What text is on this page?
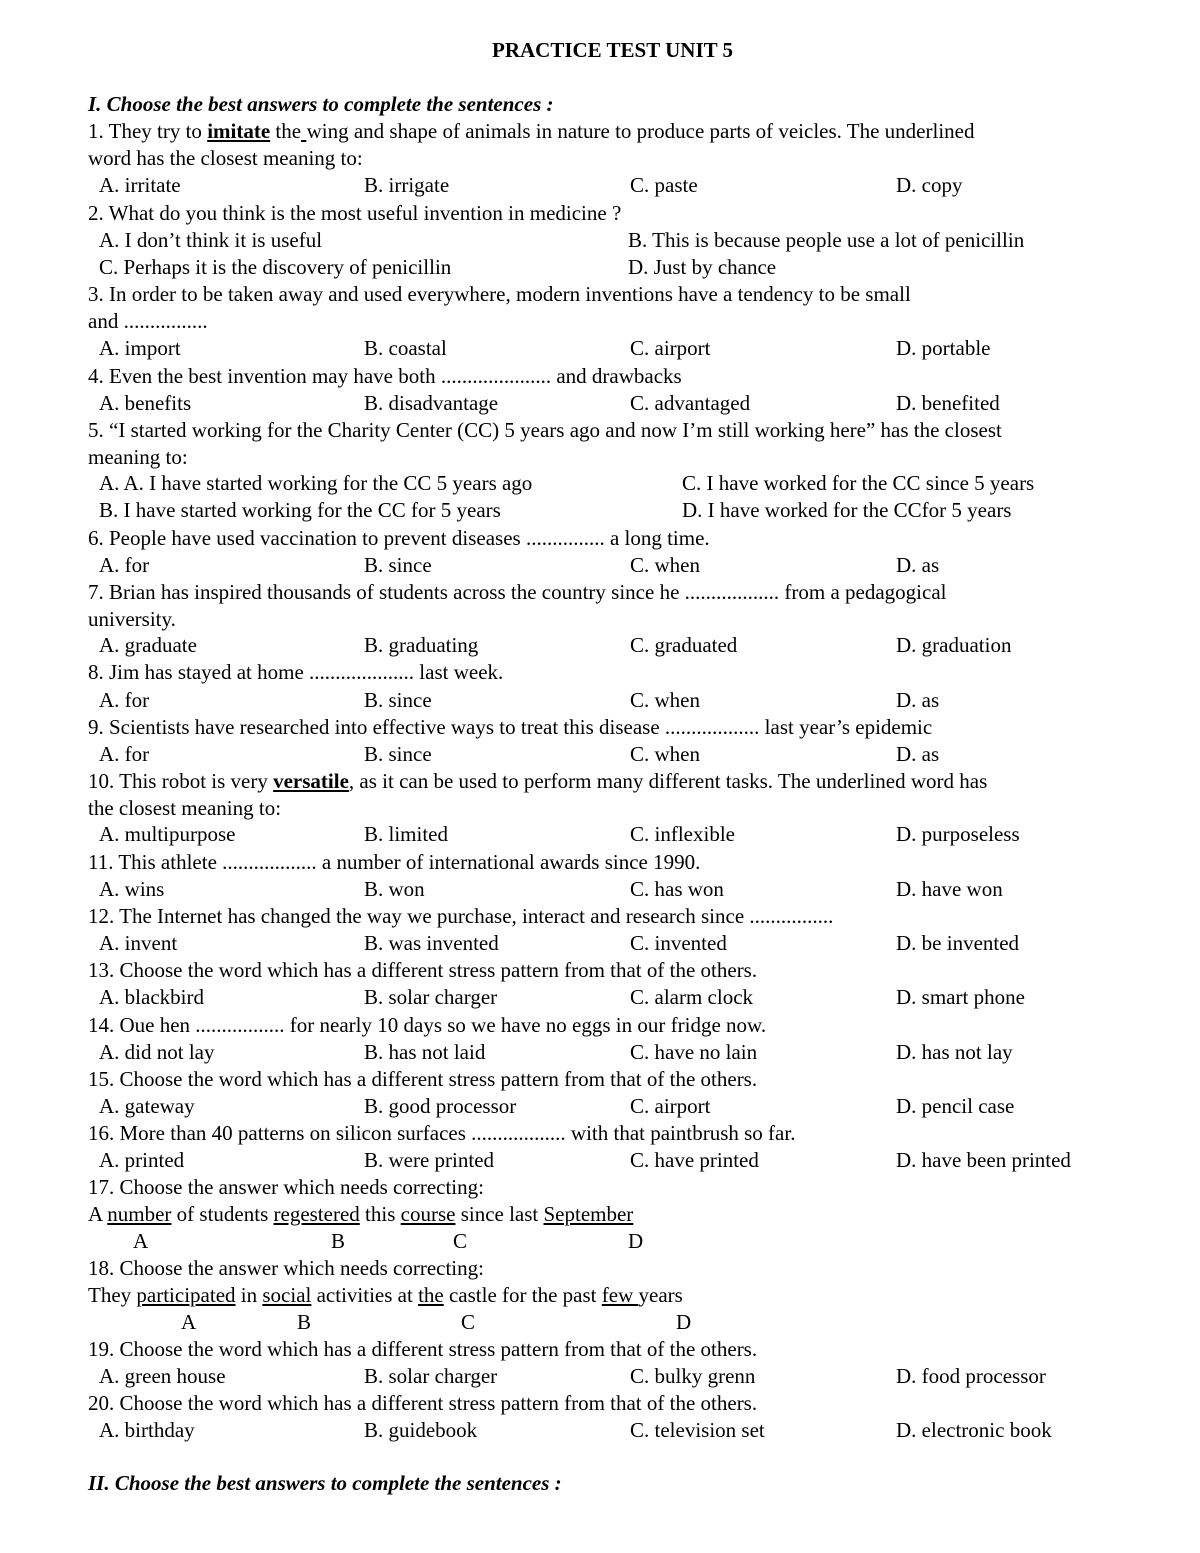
PRACTICE TEST UNIT 5
I. Choose the best answers to complete the sentences :
1. They try to imitate the  wing and shape of animals in nature to produce parts of veicles. The underlined
word has the closest meaning to:
A. irritate	B. irrigate	C. paste	D. copy
2. What do you think is the most useful invention in medicine ?
A. I don’t think it is useful	B. This is because people use a lot of penicillin
C. Perhaps it is the discovery of penicillin	D. Just by chance
3. In order to be taken away and used everywhere, modern inventions have a tendency to be small
and ................
A. import	B. coastal	C. airport	D. portable
4. Even the best invention may have both ..................... and drawbacks
A. benefits	B. disadvantage	C. advantaged	D. benefited
5. “I started working for the Charity Center (CC) 5 years ago and now I’m still working here” has the closest
meaning to:
A. A. I have started working for the CC 5 years ago	C. I have worked for the CC since 5 years
B. I have started working for the CC for 5 years	D. I have worked for the CCfor 5 years
6. People have used vaccination to prevent diseases ............... a long time.
A. for	B. since	C. when	D. as
7. Brian has inspired thousands of students across the country since he .................. from a pedagogical
university.
A. graduate	B. graduating	C. graduated	D. graduation
8. Jim has stayed at home .................... last week.
A. for	B. since	C. when	D. as
9. Scientists have researched into effective ways to treat this disease .................. last year’s epidemic
A. for	B. since	C. when	D. as
10. This robot is very versatile, as it can be used to perform many different tasks. The underlined word has
the closest meaning to:
A. multipurpose	B. limited	C. inflexible	D. purposeless
11. This athlete .................. a number of international awards since 1990.
A. wins	B. won	C. has won	D. have won
12. The Internet has changed the way we purchase, interact and research since ................
A. invent	B. was invented	C. invented	D. be invented
13. Choose the word which has a different stress pattern from that of the others.
A. blackbird	B. solar charger	C. alarm clock	D. smart phone
14. Oue hen ................. for nearly 10 days so we have no eggs in our fridge now.
A. did not lay	B. has not laid	C. have no lain	D. has not lay
15. Choose the word which has a different stress pattern from that of the others.
A. gateway	B. good processor	C. airport	D. pencil case
16. More than 40 patterns on silicon surfaces .................. with that paintbrush so far.
A. printed	B. were printed	C. have printed	D. have been printed
17. Choose the answer which needs correcting:
A number of students regestered this course since last September
A	B	C	D
18. Choose the answer which needs correcting:
They participated in social activities at the castle for the past few years
A	B	C	D
19. Choose the word which has a different stress pattern from that of the others.
A. green house	B. solar charger	C. bulky grenn	D. food processor
20. Choose the word which has a different stress pattern from that of the others.
A. birthday	B. guidebook	C. television set	D. electronic book
II. Choose the best answers to complete the sentences :
